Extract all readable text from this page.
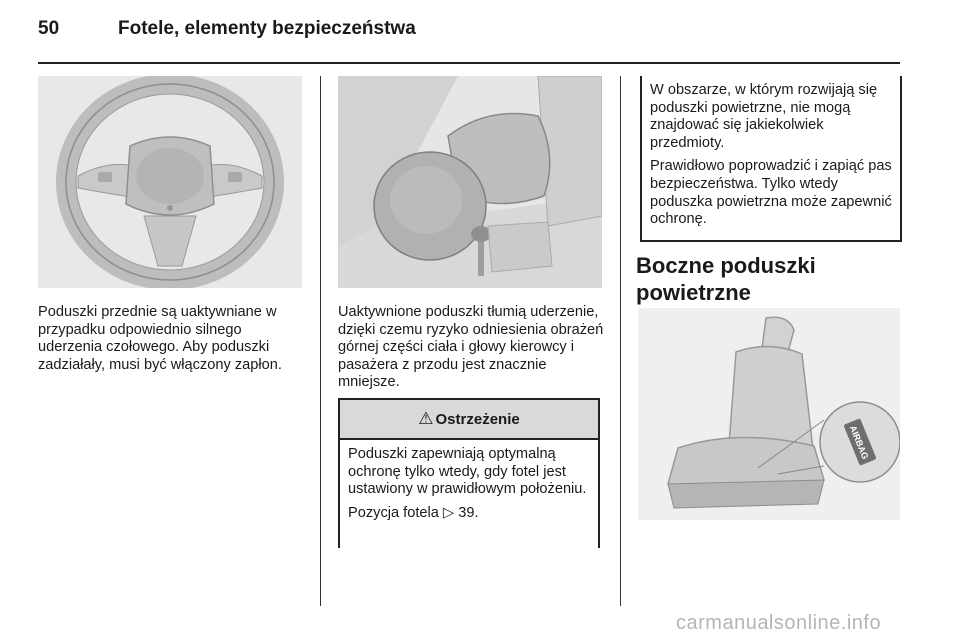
50	Fotele, elementy bezpieczeństwa

Poduszki przednie są uaktywniane w przypadku odpowiednio silnego uderzenia czołowego. Aby poduszki zadziałały, musi być włączony zapłon.

Uaktywnione poduszki tłumią uderzenie, dzięki czemu ryzyko odniesienia obrażeń górnej części ciała i głowy kierowcy i pasażera z przodu jest znacznie mniejsze.

⚠ Ostrzeżenie

Poduszki zapewniają optymalną ochronę tylko wtedy, gdy fotel jest ustawiony w prawidłowym położeniu.

Pozycja fotela ▷ 39.

W obszarze, w którym rozwijają się poduszki powietrzne, nie mogą znajdować się jakiekolwiek przedmioty.

Prawidłowo poprowadzić i zapiąć pas bezpieczeństwa. Tylko wtedy poduszka powietrzna może zapewnić ochronę.

Boczne poduszki powietrzne
AIRBAG
carmanualsonline.info
